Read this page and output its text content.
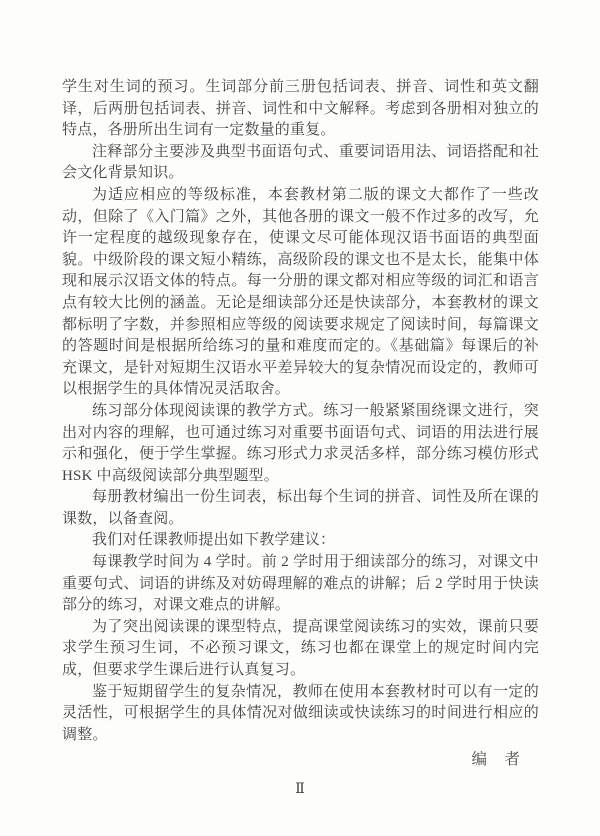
学生对生词的预习。生词部分前三册包括词表、拼音、词性和英文翻译，后两册包括词表、拼音、词性和中文解释。考虑到各册相对独立的特点，各册所出生词有一定数量的重复。

注释部分主要涉及典型书面语句式、重要词语用法、词语搭配和社会文化背景知识。

为适应相应的等级标准，本套教材第二版的课文大都作了一些改动，但除了《入门篇》之外，其他各册的课文一般不作过多的改写，允许一定程度的越级现象存在，使课文尽可能体现汉语书面语的典型面貌。中级阶段的课文短小精练，高级阶段的课文也不是太长，能集中体现和展示汉语文体的特点。每一分册的课文都对相应等级的词汇和语言点有较大比例的涵盖。无论是细读部分还是快读部分，本套教材的课文都标明了字数，并参照相应等级的阅读要求规定了阅读时间，每篇课文的答题时间是根据所给练习的量和难度而定的。《基础篇》每课后的补充课文，是针对短期生汉语水平差异较大的复杂情况而设定的，教师可以根据学生的具体情况灵活取舍。

练习部分体现阅读课的教学方式。练习一般紧紧围绕课文进行，突出对内容的理解，也可通过练习对重要书面语句式、词语的用法进行展示和强化，便于学生掌握。练习形式力求灵活多样，部分练习模仿形式 HSK 中高级阅读部分典型题型。

每册教材编出一份生词表，标出每个生词的拼音、词性及所在课的课数，以备查阅。

我们对任课教师提出如下教学建议：

每课教学时间为 4 学时。前 2 学时用于细读部分的练习，对课文中重要句式、词语的讲练及对妨碍理解的难点的讲解；后 2 学时用于快读部分的练习，对课文难点的讲解。

为了突出阅读课的课型特点，提高课堂阅读练习的实效，课前只要求学生预习生词，不必预习课文，练习也都在课堂上的规定时间内完成，但要求学生课后进行认真复习。

鉴于短期留学生的复杂情况，教师在使用本套教材时可以有一定的灵活性，可根据学生的具体情况对做细读或快读练习的时间进行相应的调整。

编　者
Ⅱ
